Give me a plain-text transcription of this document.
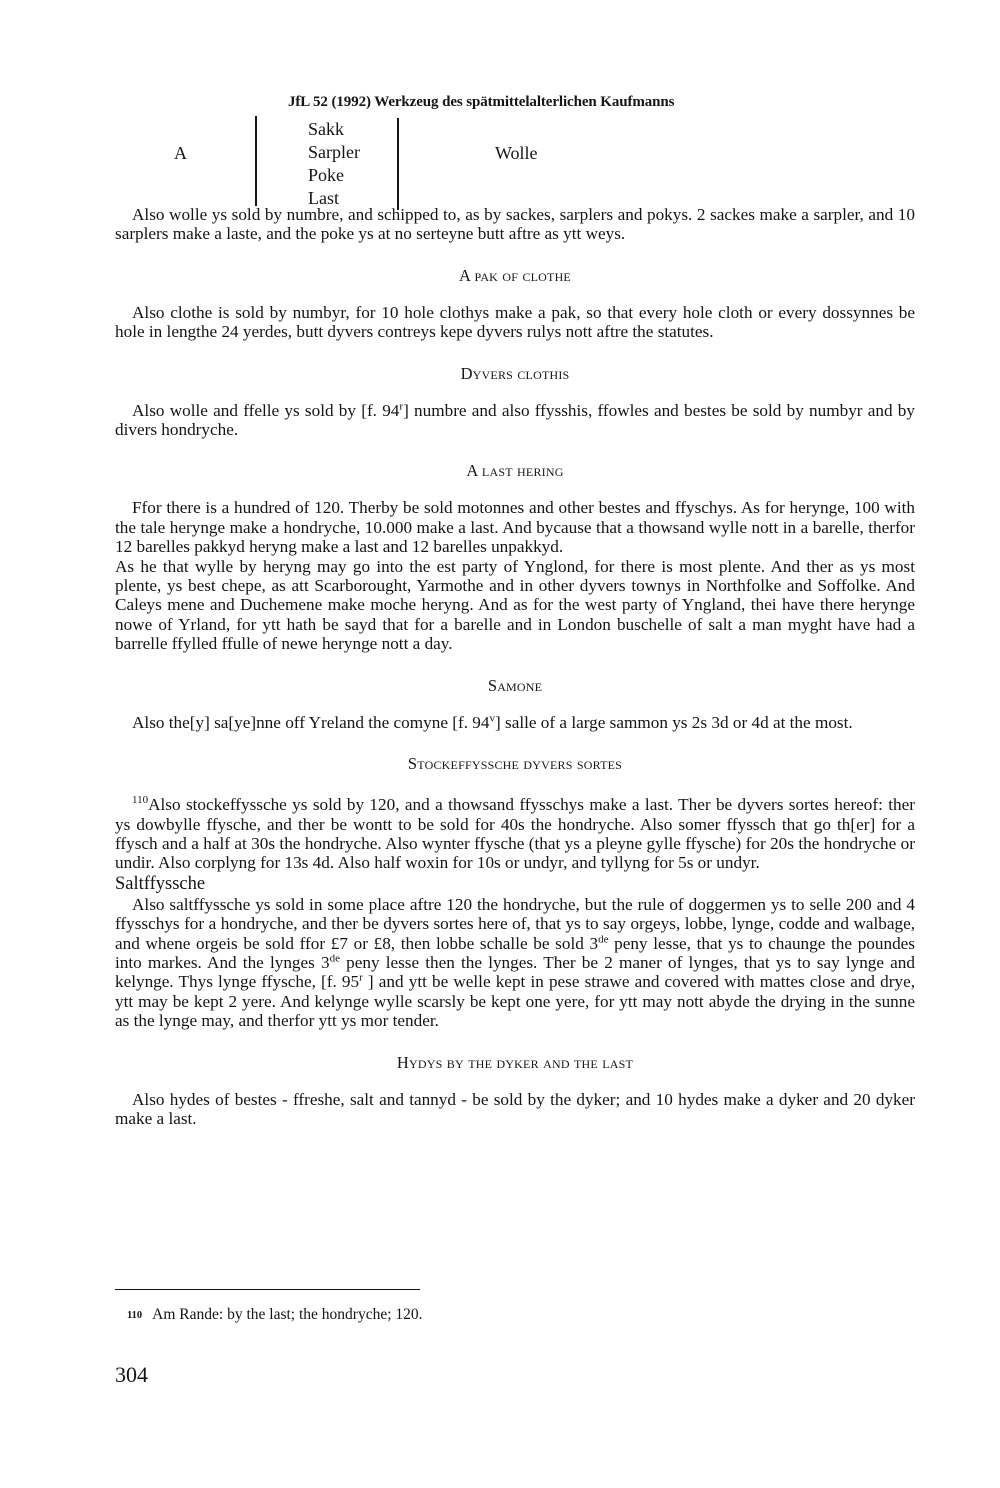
JfL 52 (1992) Werkzeug des spätmittelalterlichen Kaufmanns
A
Sakk
Sarpler
Poke
Last
Wolle

Also wolle ys sold by numbre, and schipped to, as by sackes, sarplers and pokys. 2 sackes make a sarpler, and 10 sarplers make a laste, and the poke ys at no serteyne butt aftre as ytt weys.

A pak of clothe

Also clothe is sold by numbyr, for 10 hole clothys make a pak, so that every hole cloth or every dossynnes be hole in lengthe 24 yerdes, butt dyvers contreys kepe dyvers rulys nott aftre the statutes.

Dyvers clothis

Also wolle and ffelle ys sold by [f. 94$^r$] numbre and also ffysshis, ffowles and bestes be sold by numbyr and by divers hondryche.

A last hering

Ffor there is a hundred of 120. Therby be sold motonnes and other bestes and ffyschys. As for herynge, 100 with the tale herynge make a hondryche, 10.000 make a last. And bycause that a thowsand wylle nott in a barelle, therfor 12 barelles pakkyd heryng make a last and 12 barelles unpakkyd.

As he that wylle by heryng may go into the est party of Ynglond, for there is most plente. And ther as ys most plente, ys best chepe, as att Scarborought, Yarmothe and in other dyvers townys in Northfolke and Soffolke. And Caleys mene and Duchemene make moche heryng. And as for the west party of Yngland, thei have there herynge nowe of Yrland, for ytt hath be sayd that for a barelle and in London buschelle of salt a man myght have had a barrelle ffylled ffulle of newe herynge nott a day.

Samone

Also the[y] sa[ye]nne off Yreland the comyne [f. 94$^v$] salle of a large sammon ys 2s 3d or 4d at the most.

Stockeffyssche dyvers sortes

$^{110}$Also stockeffyssche ys sold by 120, and a thowsand ffysschys make a last. Ther be dyvers sortes hereof: ther ys dowbylle ffysche, and ther be wontt to be sold for 40s the hondryche. Also somer ffyssch that go th[er] for a ffysch and a half at 30s the hondryche. Also wynter ffysche (that ys a pleyne gylle ffysche) for 20s the hondryche or undir. Also corplyng for 13s 4d. Also half woxin for 10s or undyr, and tyllyng for 5s or undyr.

Saltffyssche

Also saltffyssche ys sold in some place aftre 120 the hondryche, but the rule of doggermen ys to selle 200 and 4 ffysschys for a hondryche, and ther be dyvers sortes here of, that ys to say orgeys, lobbe, lynge, codde and walbage, and whene orgeis be sold ffor £7 or £8, then lobbe schalle be sold 3de peny lesse, that ys to chaunge the poundes into markes. And the lynges 3de peny lesse then the lynges. Ther be 2 maner of lynges, that ys to say lynge and kelynge. Thys lynge ffysche, [f. 95$^r$ ] and ytt be welle kept in pese strawe and covered with mattes close and drye, ytt may be kept 2 yere. And kelynge wylle scarsly be kept one yere, for ytt may nott abyde the drying in the sunne as the lynge may, and therfor ytt ys mor tender.

Hydys by the dyker and the last

Also hydes of bestes - ffreshe, salt and tannyd - be sold by the dyker; and 10 hydes make a dyker and 20 dyker make a last.

110 Am Rande: by the last; the hondryche; 120.
304
